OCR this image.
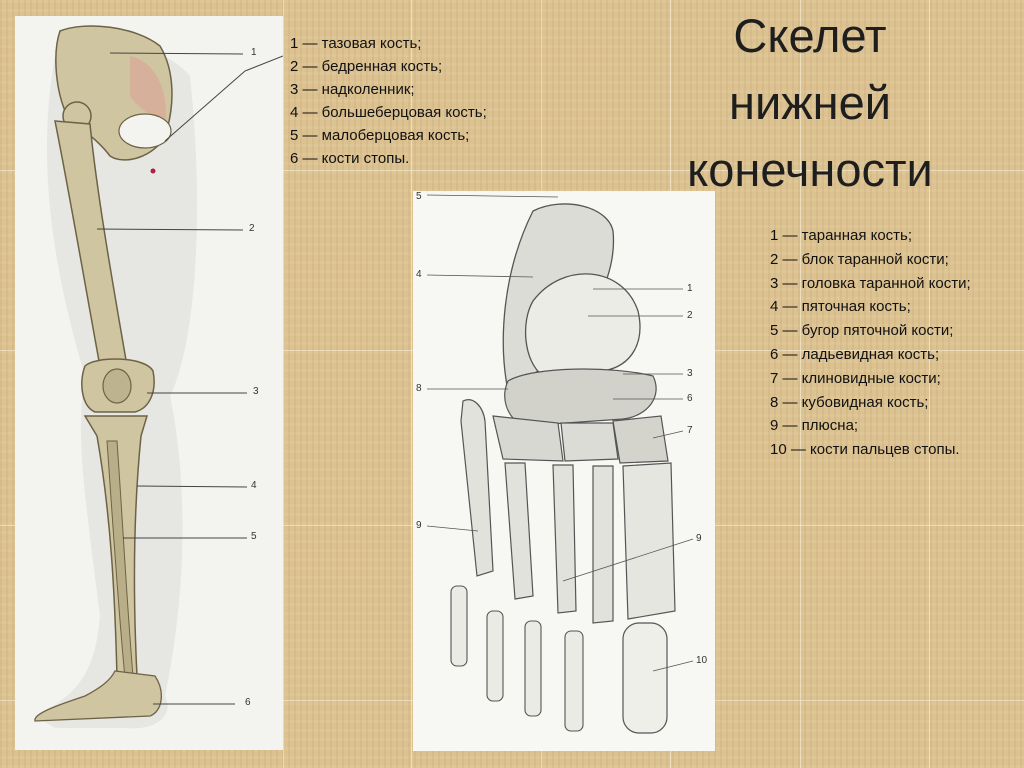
1
2
3
4
5
6
5
4
1
2
8
3
6
7
9
9
10
1 — тазовая кость;
2 — бедренная кость;
3 — надколенник;
4 — большеберцовая кость;
5 — малоберцовая кость;
6 — кости стопы.
Скелет
нижней
конечности
1 — таранная кость;
2 — блок таранной кости;
3 — головка таранной кости;
4 — пяточная кость;
5 — бугор пяточной кости;
6 — ладьевидная кость;
7 — клиновидные кости;
8 — кубовидная кость;
9 — плюсна;
10 — кости пальцев стопы.
